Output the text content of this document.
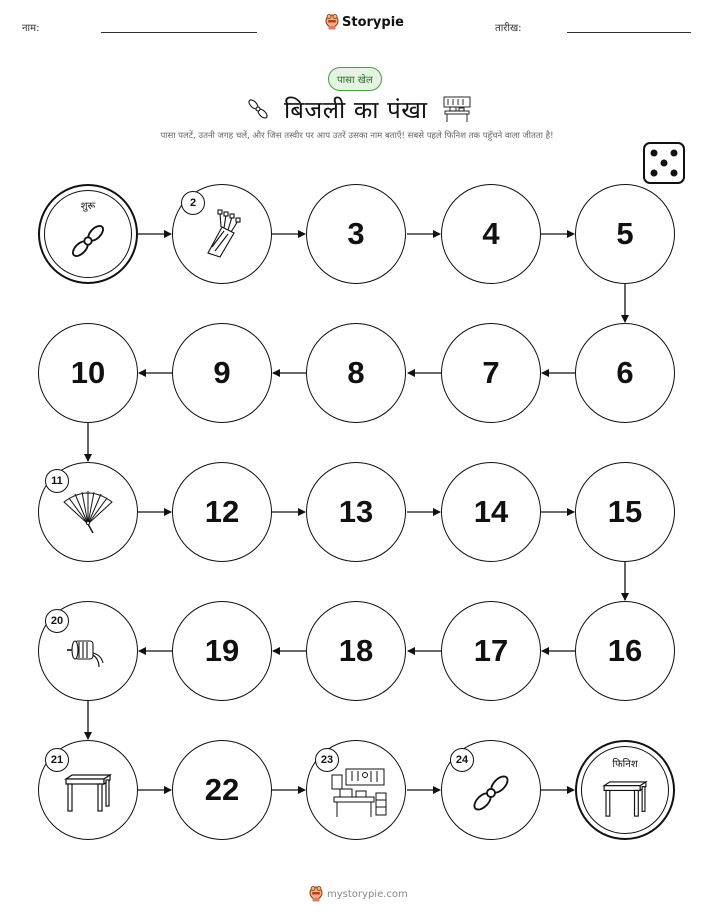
नाम:	Storypie	तारीख:
पासा खेल
बिजली का पंखा
पासा पलटें, उतनी जगह चलें, और जिस तस्वीर पर आप उतरें उसका नाम बताएँ! सबसे पहले फिनिश तक पहुँचने वाला जीतता है!
शुरू	2
3	4	5
6
7
8
9
10
11
12	13	14	15
16
17
18
19
20
21
22
23	24	फिनिश
mystorypie.com
